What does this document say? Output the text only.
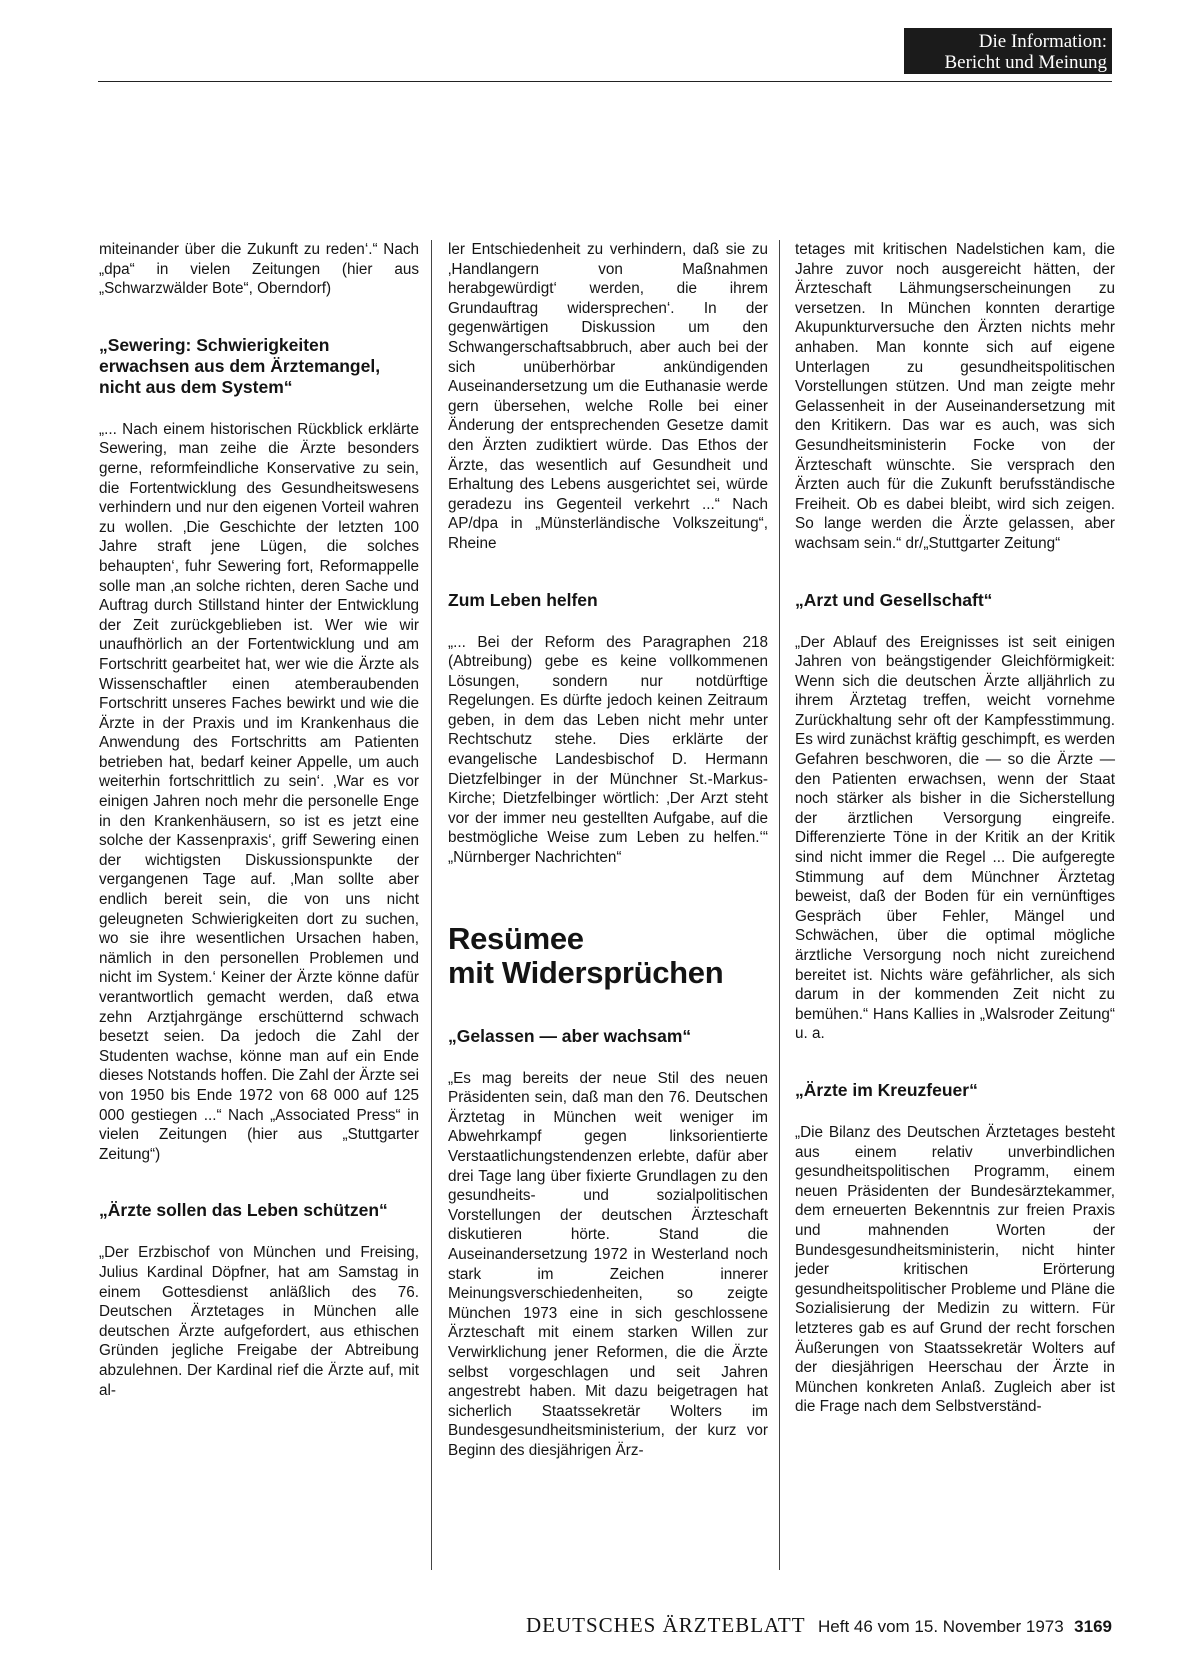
Die Information:
Bericht und Meinung

miteinander über die Zukunft zu reden‘.“ Nach „dpa“ in vielen Zeitungen (hier aus „Schwarzwälder Bote“, Oberndorf)

„Sewering: Schwierigkeiten erwachsen aus dem Ärztemangel, nicht aus dem System“

„... Nach einem historischen Rückblick erklärte Sewering, man zeihe die Ärzte besonders gerne, reformfeindliche Konservative zu sein, die Fortentwicklung des Gesundheitswesens verhindern und nur den eigenen Vorteil wahren zu wollen. ‚Die Geschichte der letzten 100 Jahre straft jene Lügen, die solches behaupten‘, fuhr Sewering fort, Reformappelle solle man ‚an solche richten, deren Sache und Auftrag durch Stillstand hinter der Entwicklung der Zeit zurückgeblieben ist. Wer wie wir unaufhörlich an der Fortentwicklung und am Fortschritt gearbeitet hat, wer wie die Ärzte als Wissenschaftler einen atemberaubenden Fortschritt unseres Faches bewirkt und wie die Ärzte in der Praxis und im Krankenhaus die Anwendung des Fortschritts am Patienten betrieben hat, bedarf keiner Appelle, um auch weiterhin fortschrittlich zu sein‘. ‚War es vor einigen Jahren noch mehr die personelle Enge in den Krankenhäusern, so ist es jetzt eine solche der Kassenpraxis‘, griff Sewering einen der wichtigsten Diskussionspunkte der vergangenen Tage auf. ‚Man sollte aber endlich bereit sein, die von uns nicht geleugneten Schwierigkeiten dort zu suchen, wo sie ihre wesentlichen Ursachen haben, nämlich in den personellen Problemen und nicht im System.‘ Keiner der Ärzte könne dafür verantwortlich gemacht werden, daß etwa zehn Arztjahrgänge erschütternd schwach besetzt seien. Da jedoch die Zahl der Studenten wachse, könne man auf ein Ende dieses Notstands hoffen. Die Zahl der Ärzte sei von 1950 bis Ende 1972 von 68 000 auf 125 000 gestiegen ...“ Nach „Associated Press“ in vielen Zeitungen (hier aus „Stuttgarter Zeitung“)

„Ärzte sollen das Leben schützen“

„Der Erzbischof von München und Freising, Julius Kardinal Döpfner, hat am Samstag in einem Gottesdienst anläßlich des 76. Deutschen Ärztetages in München alle deutschen Ärzte aufgefordert, aus ethischen Gründen jegliche Freigabe der Abtreibung abzulehnen. Der Kardinal rief die Ärzte auf, mit al-

ler Entschiedenheit zu verhindern, daß sie zu ‚Handlangern von Maßnahmen herabgewürdigt‘ werden, die ihrem Grundauftrag widersprechen‘. In der gegenwärtigen Diskussion um den Schwangerschaftsabbruch, aber auch bei der sich unüberhörbar ankündigenden Auseinandersetzung um die Euthanasie werde gern übersehen, welche Rolle bei einer Änderung der entsprechenden Gesetze damit den Ärzten zudiktiert würde. Das Ethos der Ärzte, das wesentlich auf Gesundheit und Erhaltung des Lebens ausgerichtet sei, würde geradezu ins Gegenteil verkehrt ...“ Nach AP/dpa in „Münsterländische Volkszeitung“, Rheine

Zum Leben helfen

„... Bei der Reform des Paragraphen 218 (Abtreibung) gebe es keine vollkommenen Lösungen, sondern nur notdürftige Regelungen. Es dürfte jedoch keinen Zeitraum geben, in dem das Leben nicht mehr unter Rechtschutz stehe. Dies erklärte der evangelische Landesbischof D. Hermann Dietzfelbinger in der Münchner St.-Markus-Kirche; Dietzfelbinger wörtlich: ‚Der Arzt steht vor der immer neu gestellten Aufgabe, auf die bestmögliche Weise zum Leben zu helfen.‘“ „Nürnberger Nachrichten“

Resümee
mit Widersprüchen
„Gelassen — aber wachsam“

„Es mag bereits der neue Stil des neuen Präsidenten sein, daß man den 76. Deutschen Ärztetag in München weit weniger im Abwehrkampf gegen linksorientierte Verstaatlichungstendenzen erlebte, dafür aber drei Tage lang über fixierte Grundlagen zu den gesundheits- und sozialpolitischen Vorstellungen der deutschen Ärzteschaft diskutieren hörte. Stand die Auseinandersetzung 1972 in Westerland noch stark im Zeichen innerer Meinungsverschiedenheiten, so zeigte München 1973 eine in sich geschlossene Ärzteschaft mit einem starken Willen zur Verwirklichung jener Reformen, die die Ärzte selbst vorgeschlagen und seit Jahren angestrebt haben. Mit dazu beigetragen hat sicherlich Staatssekretär Wolters im Bundesgesundheitsministerium, der kurz vor Beginn des diesjährigen Ärz-

tetages mit kritischen Nadelstichen kam, die Jahre zuvor noch ausgereicht hätten, der Ärzteschaft Lähmungserscheinungen zu versetzen. In München konnten derartige Akupunkturversuche den Ärzten nichts mehr anhaben. Man konnte sich auf eigene Unterlagen zu gesundheitspolitischen Vorstellungen stützen. Und man zeigte mehr Gelassenheit in der Auseinandersetzung mit den Kritikern. Das war es auch, was sich Gesundheitsministerin Focke von der Ärzteschaft wünschte. Sie versprach den Ärzten auch für die Zukunft berufsständische Freiheit. Ob es dabei bleibt, wird sich zeigen. So lange werden die Ärzte gelassen, aber wachsam sein.“ dr/„Stuttgarter Zeitung“

„Arzt und Gesellschaft“

„Der Ablauf des Ereignisses ist seit einigen Jahren von beängstigender Gleichförmigkeit: Wenn sich die deutschen Ärzte alljährlich zu ihrem Ärztetag treffen, weicht vornehme Zurückhaltung sehr oft der Kampfesstimmung. Es wird zunächst kräftig geschimpft, es werden Gefahren beschworen, die — so die Ärzte — den Patienten erwachsen, wenn der Staat noch stärker als bisher in die Sicherstellung der ärztlichen Versorgung eingreife. Differenzierte Töne in der Kritik an der Kritik sind nicht immer die Regel ... Die aufgeregte Stimmung auf dem Münchner Ärztetag beweist, daß der Boden für ein vernünftiges Gespräch über Fehler, Mängel und Schwächen, über die optimal mögliche ärztliche Versorgung noch nicht zureichend bereitet ist. Nichts wäre gefährlicher, als sich darum in der kommenden Zeit nicht zu bemühen.“ Hans Kallies in „Walsroder Zeitung“ u. a.

„Ärzte im Kreuzfeuer“

„Die Bilanz des Deutschen Ärztetages besteht aus einem relativ unverbindlichen gesundheitspolitischen Programm, einem neuen Präsidenten der Bundesärztekammer, dem erneuerten Bekenntnis zur freien Praxis und mahnenden Worten der Bundesgesundheitsministerin, nicht hinter jeder kritischen Erörterung gesundheitspolitischer Probleme und Pläne die Sozialisierung der Medizin zu wittern. Für letzteres gab es auf Grund der recht forschen Äußerungen von Staatssekretär Wolters auf der diesjährigen Heerschau der Ärzte in München konkreten Anlaß. Zugleich aber ist die Frage nach dem Selbstverständ-

DEUTSCHES ÄRZTEBLATT Heft 46 vom 15. November 1973 3169
